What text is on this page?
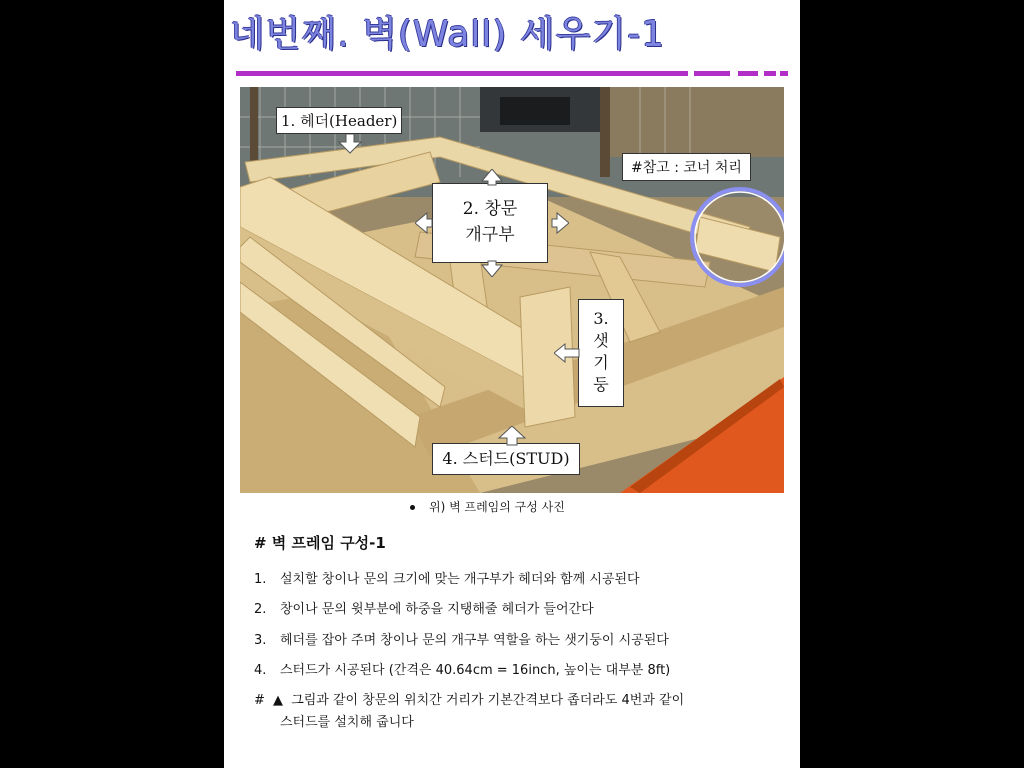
네번째. 벽(Wall) 세우기-1
1. 헤더(Header)
2. 창문
개구부
#참고 : 코너 처리
3.
샛
기
둥
4. 스터드(STUD)
위) 벽 프레임의 구성 사진
# 벽 프레임 구성-1
1. 설치할 창이나 문의 크기에 맞는 개구부가 헤더와 함께 시공된다
2. 창이나 문의 윗부분에 하중을 지탱해줄 헤더가 들어간다
3. 헤더를 잡아 주며 창이나 문의 개구부 역할을 하는 샛기둥이 시공된다
4. 스터드가 시공된다 (간격은 40.64cm = 16inch, 높이는 대부분 8ft)
# ▲ 그림과 같이 창문의 위치간 거리가 기본간격보다 좁더라도 4번과 같이
스터드를 설치해 줍니다
